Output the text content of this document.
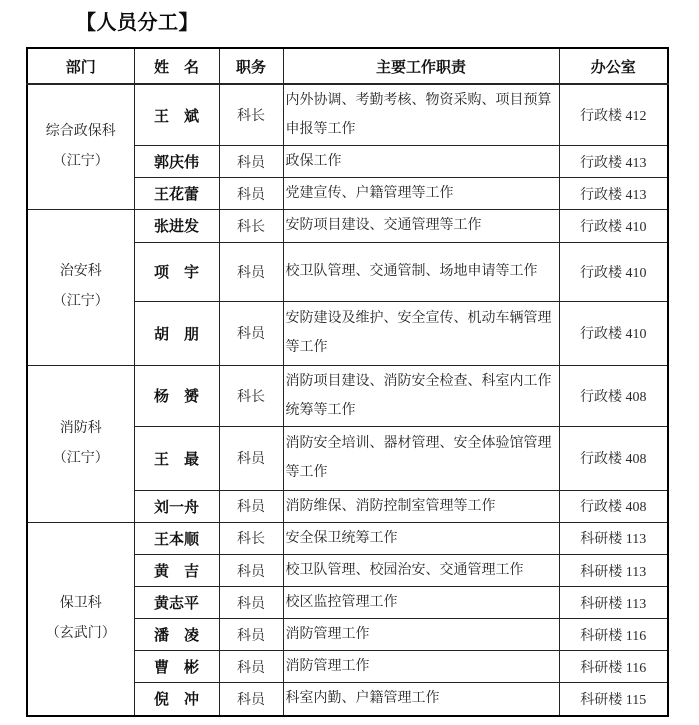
【人员分工】
部门	姓　名	职务	主要工作职责	办公室

综合政保科
（江宁）	王　斌	科长	内外协调、考勤考核、物资采购、项目预算申报等工作	行政楼 412
	郭庆伟	科员	政保工作	行政楼 413
	王花蕾	科员	党建宣传、户籍管理等工作	行政楼 413

治安科
（江宁）	张进发	科长	安防项目建设、交通管理等工作	行政楼 410
	项　宇	科员	校卫队管理、交通管制、场地申请等工作	行政楼 410
	胡　朋	科员	安防建设及维护、安全宣传、机动车辆管理等工作	行政楼 410

消防科
（江宁）	杨　赟	科长	消防项目建设、消防安全检查、科室内工作统筹等工作	行政楼 408
	王　最	科员	消防安全培训、器材管理、安全体验馆管理等工作	行政楼 408
	刘一舟	科员	消防维保、消防控制室管理等工作	行政楼 408

保卫科
（玄武门）	王本顺	科长	安全保卫统筹工作	科研楼 113
	黄　吉	科员	校卫队管理、校园治安、交通管理工作	科研楼 113
	黄志平	科员	校区监控管理工作	科研楼 113
	潘　凌	科员	消防管理工作	科研楼 116
	曹　彬	科员	消防管理工作	科研楼 116
	倪　冲	科员	科室内勤、户籍管理工作	科研楼 115
